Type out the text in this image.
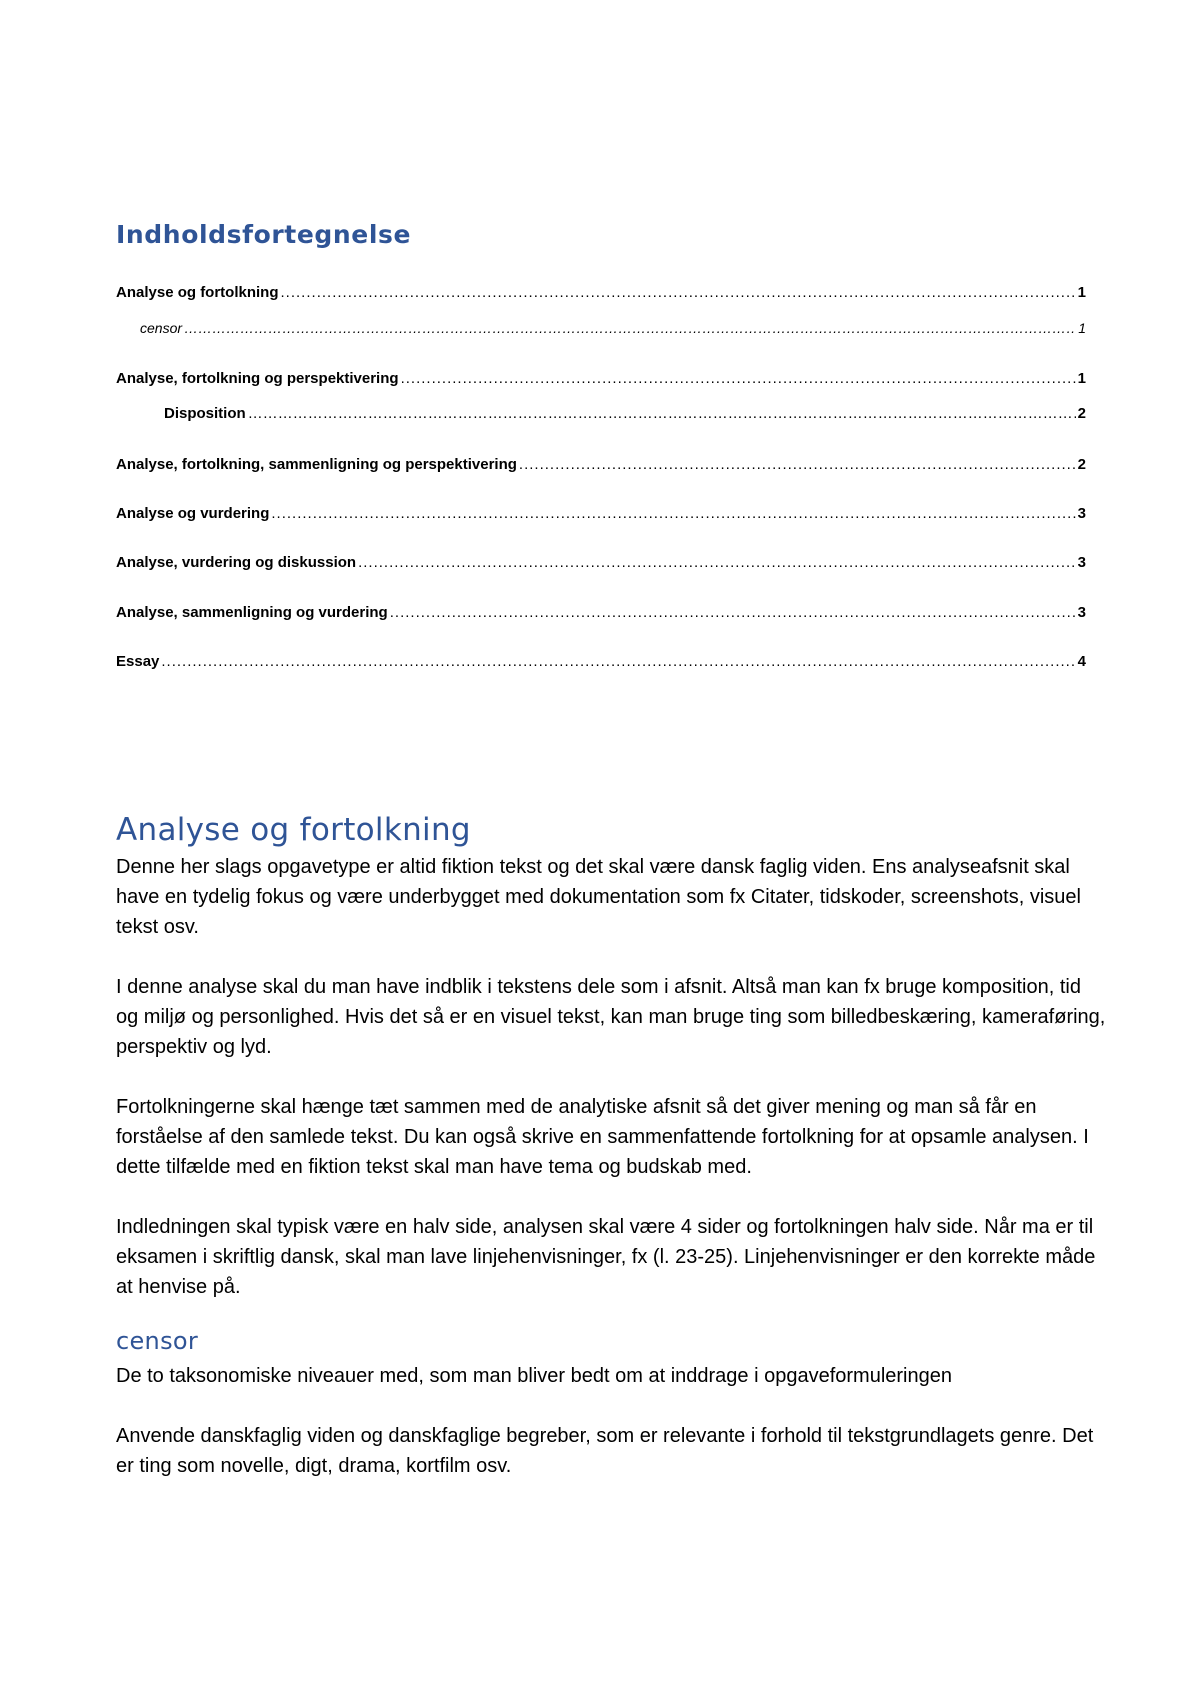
Indholdsfortegnelse
Analyse og fortolkning .....	1
censor ………………………………………………………………………………………………………………………………………………………………………………………………………………………………………	1
Analyse, fortolkning og perspektivering .....	1
Disposition ………………………………………………………………………………………………………………………………………………………………………………………………………………………………………	2
Analyse, fortolkning, sammenligning og perspektivering .....	2
Analyse og vurdering .....	3
Analyse, vurdering og diskussion .....	3
Analyse, sammenligning og vurdering .....	3
Essay .....	4
Analyse og fortolkning

Denne her slags opgavetype er altid fiktion tekst og det skal være dansk faglig viden. Ens analyseafsnit skal have en tydelig fokus og være underbygget med dokumentation som fx Citater, tidskoder, screenshots, visuel tekst osv.

I denne analyse skal du man have indblik i tekstens dele som i afsnit. Altså man kan fx bruge komposition, tid og miljø og personlighed. Hvis det så er en visuel tekst, kan man bruge ting som billedbeskæring, kameraføring, perspektiv og lyd.

Fortolkningerne skal hænge tæt sammen med de analytiske afsnit så det giver mening og man så får en forståelse af den samlede tekst. Du kan også skrive en sammenfattende fortolkning for at opsamle analysen. I dette tilfælde med en fiktion tekst skal man have tema og budskab med.

Indledningen skal typisk være en halv side, analysen skal være 4 sider og fortolkningen halv side. Når ma er til eksamen i skriftlig dansk, skal man lave linjehenvisninger, fx (l. 23-25). Linjehenvisninger er den korrekte måde at henvise på.

censor

De to taksonomiske niveauer med, som man bliver bedt om at inddrage i opgaveformuleringen

Anvende danskfaglig viden og danskfaglige begreber, som er relevante i forhold til tekstgrundlagets genre. Det er ting som novelle, digt, drama, kortfilm osv.
